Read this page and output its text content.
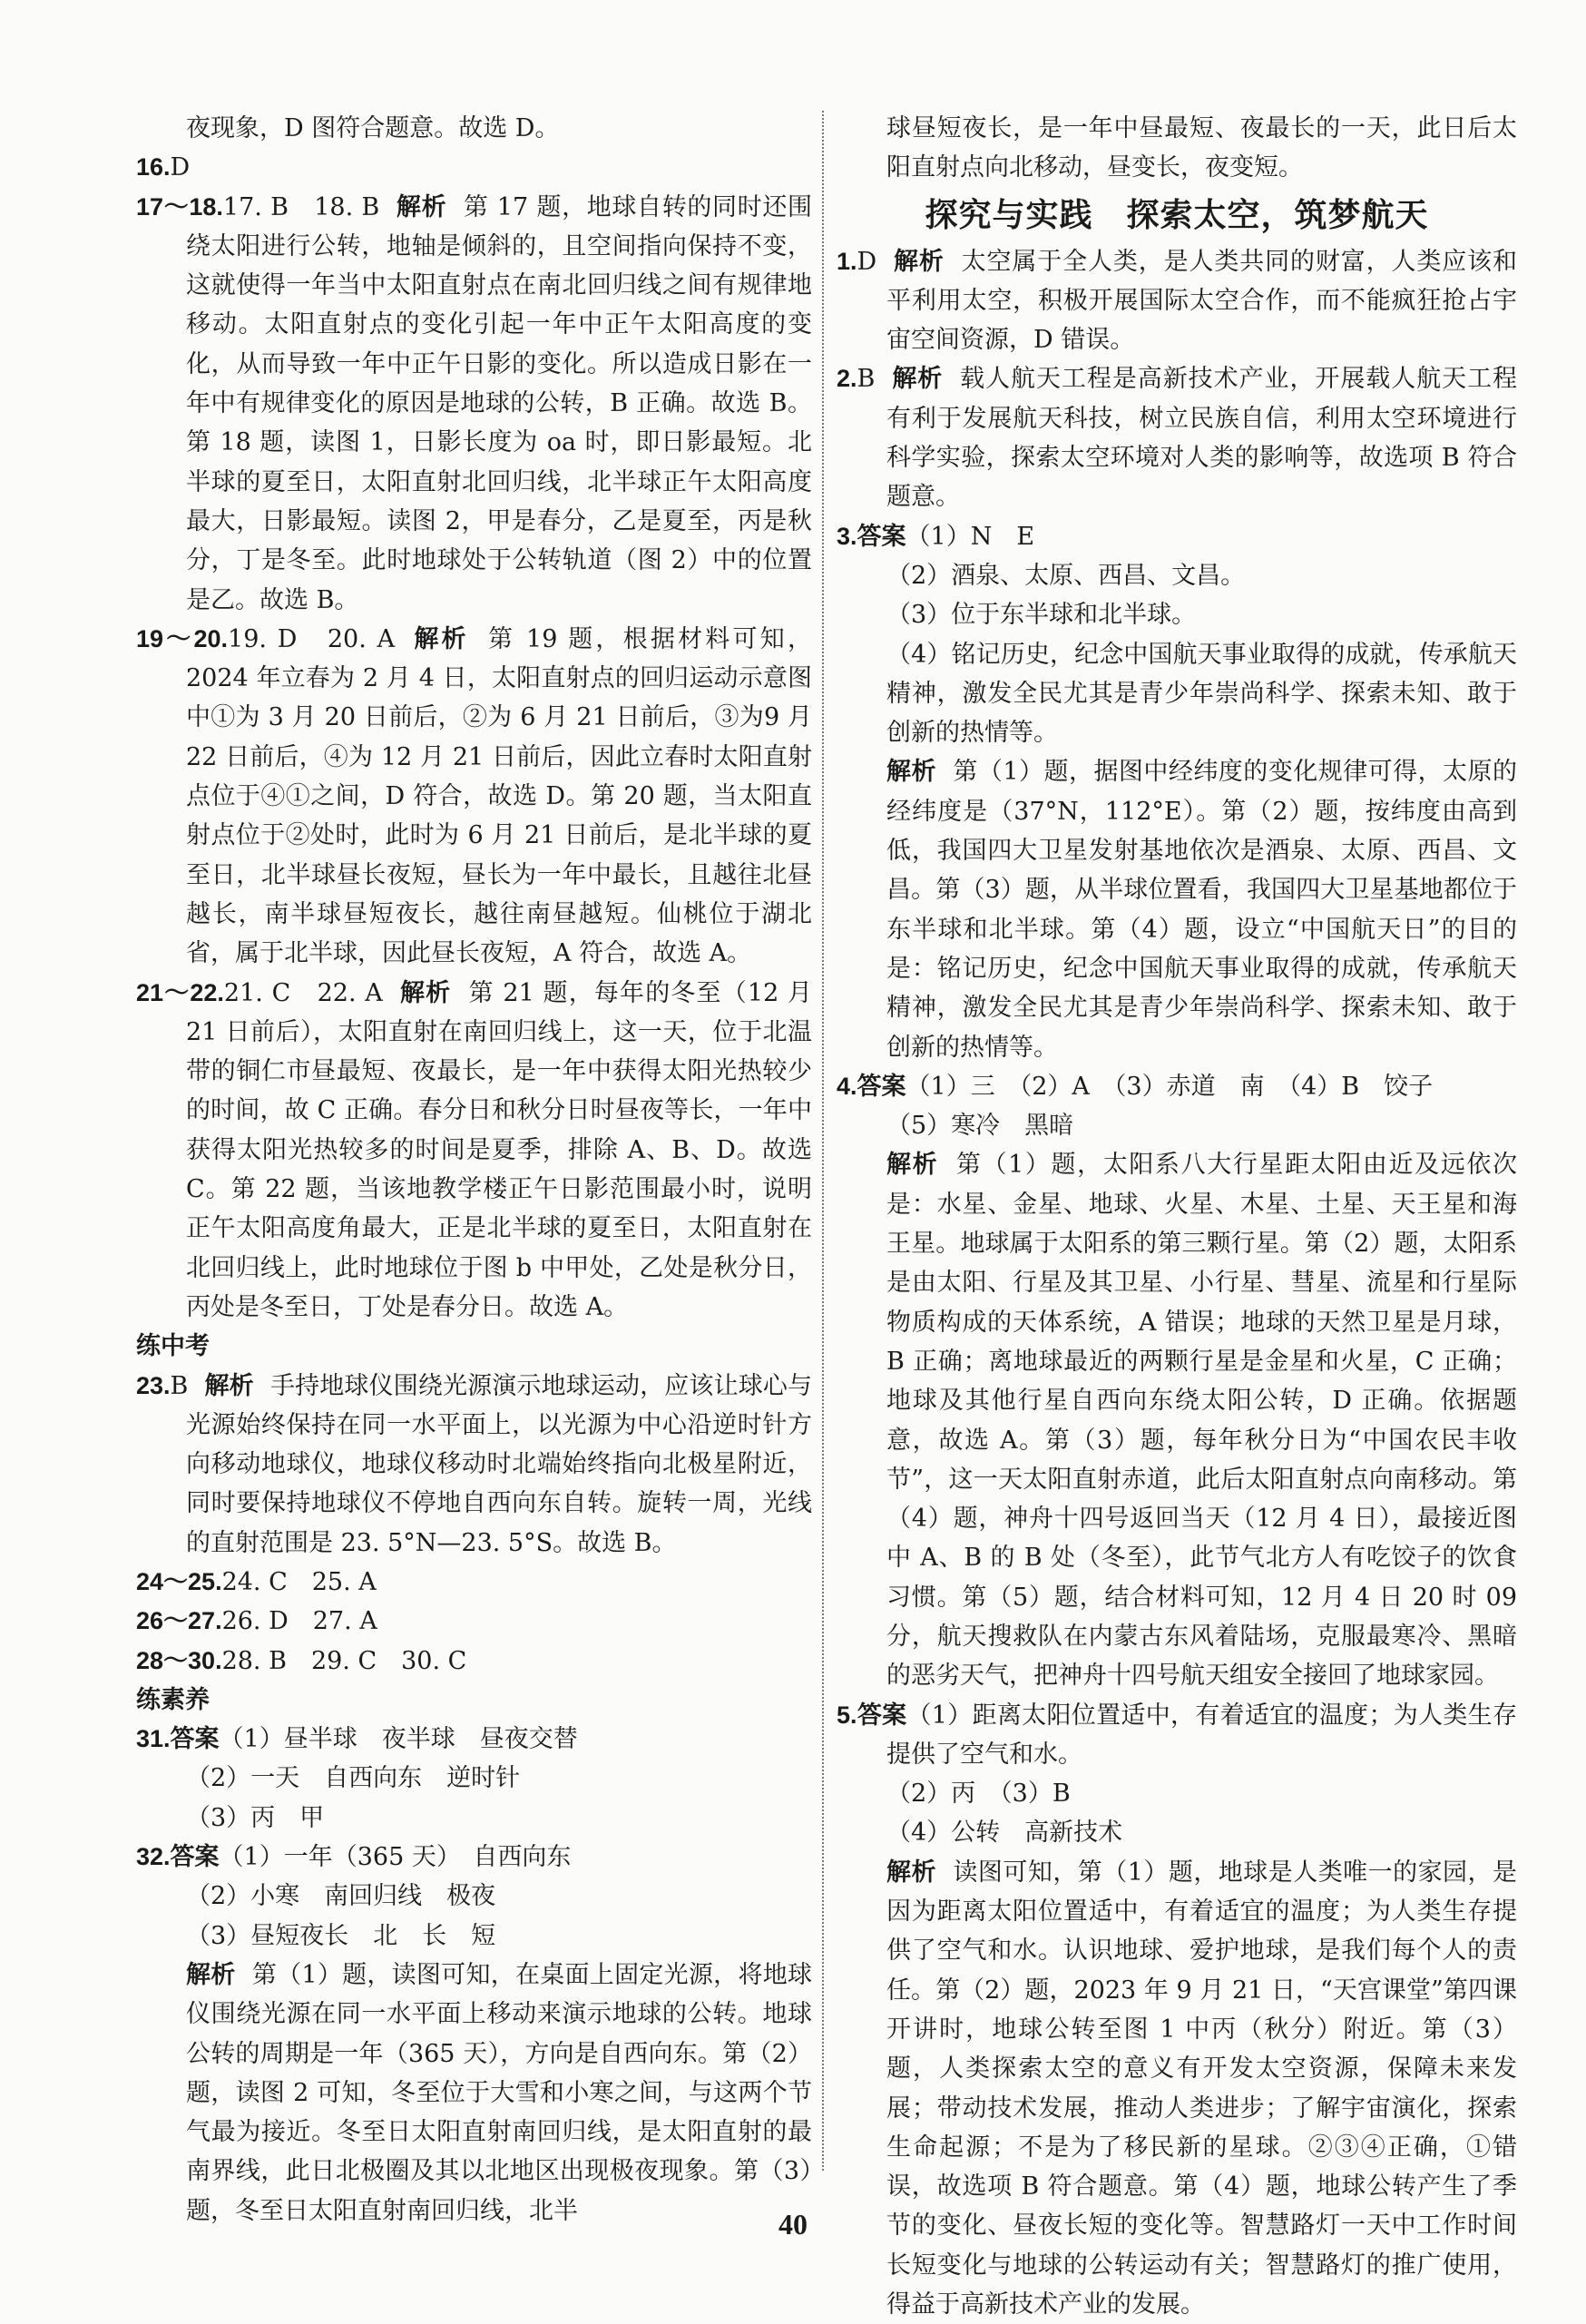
夜现象，D 图符合题意。故选 D。
16.D
17～18.17. B　18. B 解析 第 17 题，地球自转的同时还围绕太阳进行公转，地轴是倾斜的，且空间指向保持不变，这就使得一年当中太阳直射点在南北回归线之间有规律地移动。太阳直射点的变化引起一年中正午太阳高度的变化，从而导致一年中正午日影的变化。所以造成日影在一年中有规律变化的原因是地球的公转，B 正确。故选 B。第 18 题，读图 1，日影长度为 oa 时，即日影最短。北半球的夏至日，太阳直射北回归线，北半球正午太阳高度最大，日影最短。读图 2，甲是春分，乙是夏至，丙是秋分，丁是冬至。此时地球处于公转轨道（图 2）中的位置是乙。故选 B。
19～20.19. D　20. A 解析 第 19 题，根据材料可知，2024 年立春为 2 月 4 日，太阳直射点的回归运动示意图中①为 3 月 20 日前后，②为 6 月 21 日前后，③为9 月 22 日前后，④为 12 月 21 日前后，因此立春时太阳直射点位于④①之间，D 符合，故选 D。第 20 题，当太阳直射点位于②处时，此时为 6 月 21 日前后，是北半球的夏至日，北半球昼长夜短，昼长为一年中最长，且越往北昼越长，南半球昼短夜长，越往南昼越短。仙桃位于湖北省，属于北半球，因此昼长夜短，A 符合，故选 A。
21～22.21. C　22. A 解析 第 21 题，每年的冬至（12 月 21 日前后），太阳直射在南回归线上，这一天，位于北温带的铜仁市昼最短、夜最长，是一年中获得太阳光热较少的时间，故 C 正确。春分日和秋分日时昼夜等长，一年中获得太阳光热较多的时间是夏季，排除 A、B、D。故选 C。第 22 题，当该地教学楼正午日影范围最小时，说明正午太阳高度角最大，正是北半球的夏至日，太阳直射在北回归线上，此时地球位于图 b 中甲处，乙处是秋分日，丙处是冬至日，丁处是春分日。故选 A。
练中考
23.B 解析 手持地球仪围绕光源演示地球运动，应该让球心与光源始终保持在同一水平面上，以光源为中心沿逆时针方向移动地球仪，地球仪移动时北端始终指向北极星附近，同时要保持地球仪不停地自西向东自转。旋转一周，光线的直射范围是 23. 5°N—23. 5°S。故选 B。
24～25.24. C　25. A
26～27.26. D　27. A
28～30.28. B　29. C　30. C
练素养
31.答案（1）昼半球　夜半球　昼夜交替
（2）一天　自西向东　逆时针
（3）丙　甲
32.答案（1）一年（365 天）　自西向东
（2）小寒　南回归线　极夜
（3）昼短夜长　北　长　短
解析 第（1）题，读图可知，在桌面上固定光源，将地球仪围绕光源在同一水平面上移动来演示地球的公转。地球公转的周期是一年（365 天），方向是自西向东。第（2）题，读图 2 可知，冬至位于大雪和小寒之间，与这两个节气最为接近。冬至日太阳直射南回归线，是太阳直射的最南界线，此日北极圈及其以北地区出现极夜现象。第（3）题，冬至日太阳直射南回归线，北半
球昼短夜长，是一年中昼最短、夜最长的一天，此日后太阳直射点向北移动，昼变长，夜变短。
探究与实践　探索太空，筑梦航天
1.D 解析 太空属于全人类，是人类共同的财富，人类应该和平利用太空，积极开展国际太空合作，而不能疯狂抢占宇宙空间资源，D 错误。
2.B 解析 载人航天工程是高新技术产业，开展载人航天工程有利于发展航天科技，树立民族自信，利用太空环境进行科学实验，探索太空环境对人类的影响等，故选项 B 符合题意。
3.答案（1）N　E
（2）酒泉、太原、西昌、文昌。
（3）位于东半球和北半球。
（4）铭记历史，纪念中国航天事业取得的成就，传承航天精神，激发全民尤其是青少年崇尚科学、探索未知、敢于创新的热情等。
解析 第（1）题，据图中经纬度的变化规律可得，太原的经纬度是（37°N，112°E）。第（2）题，按纬度由高到低，我国四大卫星发射基地依次是酒泉、太原、西昌、文昌。第（3）题，从半球位置看，我国四大卫星基地都位于东半球和北半球。第（4）题，设立“中国航天日”的目的是：铭记历史，纪念中国航天事业取得的成就，传承航天精神，激发全民尤其是青少年崇尚科学、探索未知、敢于创新的热情等。
4.答案（1）三　（2）A　（3）赤道　南　（4）B　饺子
（5）寒冷　黑暗
解析 第（1）题，太阳系八大行星距太阳由近及远依次是：水星、金星、地球、火星、木星、土星、天王星和海王星。地球属于太阳系的第三颗行星。第（2）题，太阳系是由太阳、行星及其卫星、小行星、彗星、流星和行星际物质构成的天体系统，A 错误；地球的天然卫星是月球，B 正确；离地球最近的两颗行星是金星和火星，C 正确；地球及其他行星自西向东绕太阳公转，D 正确。依据题意，故选 A。第（3）题，每年秋分日为“中国农民丰收节”，这一天太阳直射赤道，此后太阳直射点向南移动。第（4）题，神舟十四号返回当天（12 月 4 日），最接近图中 A、B 的 B 处（冬至），此节气北方人有吃饺子的饮食习惯。第（5）题，结合材料可知，12 月 4 日 20 时 09 分，航天搜救队在内蒙古东风着陆场，克服最寒冷、黑暗的恶劣天气，把神舟十四号航天组安全接回了地球家园。
5.答案（1）距离太阳位置适中，有着适宜的温度；为人类生存提供了空气和水。
（2）丙　（3）B
（4）公转　高新技术
解析 读图可知，第（1）题，地球是人类唯一的家园，是因为距离太阳位置适中，有着适宜的温度；为人类生存提供了空气和水。认识地球、爱护地球，是我们每个人的责任。第（2）题，2023 年 9 月 21 日，“天宫课堂”第四课开讲时，地球公转至图 1 中丙（秋分）附近。第（3）题，人类探索太空的意义有开发太空资源，保障未来发展；带动技术发展，推动人类进步；了解宇宙演化，探索生命起源；不是为了移民新的星球。②③④正确，①错误，故选项 B 符合题意。第（4）题，地球公转产生了季节的变化、昼夜长短的变化等。智慧路灯一天中工作时间长短变化与地球的公转运动有关；智慧路灯的推广使用，得益于高新技术产业的发展。
40
